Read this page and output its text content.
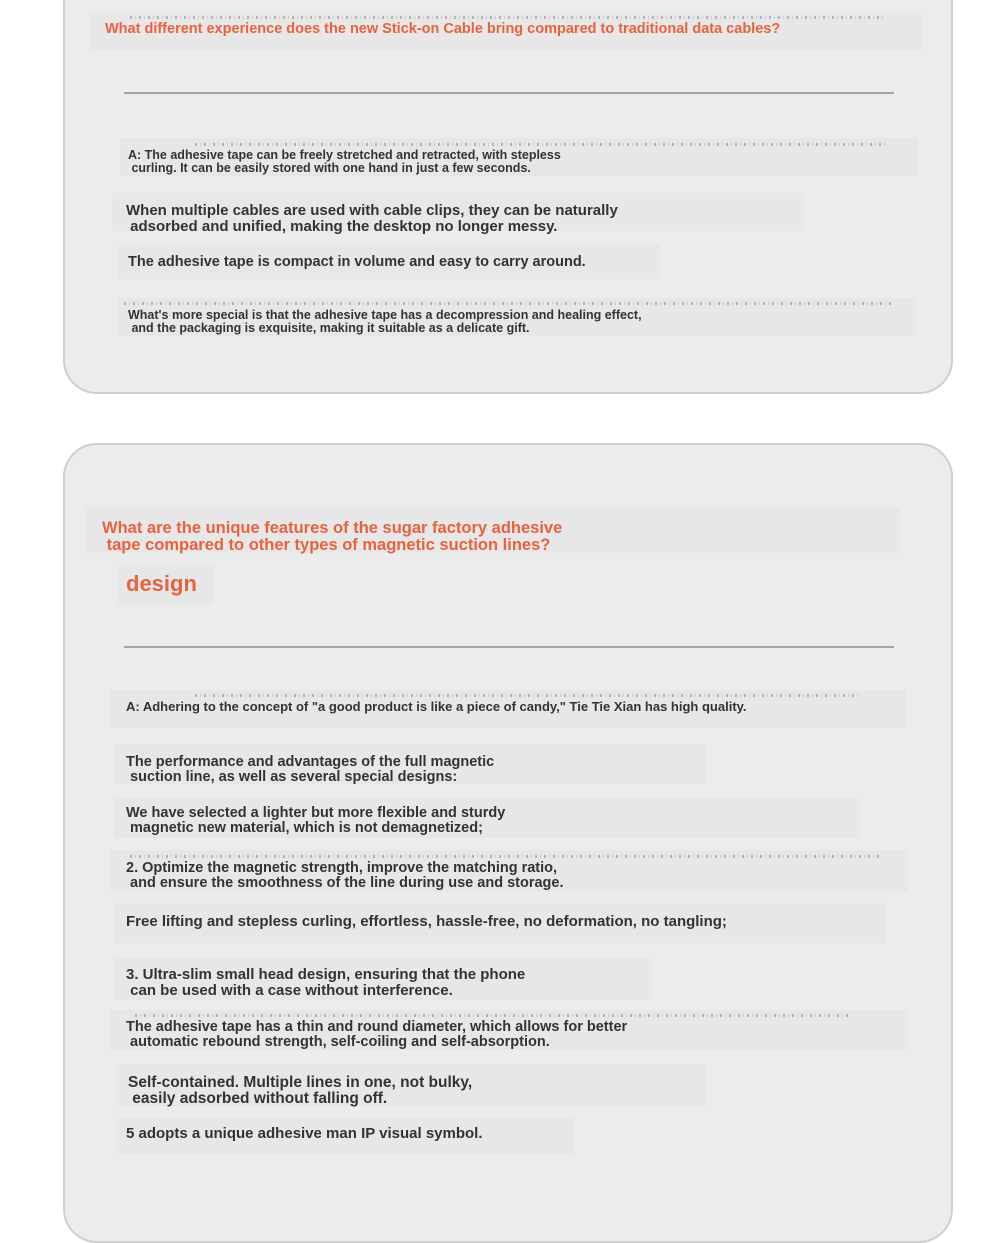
What different experience does the new Stick-on Cable bring compared to traditional data cables?
A: The adhesive tape can be freely stretched and retracted, with stepless
curling. It can be easily stored with one hand in just a few seconds.
When multiple cables are used with cable clips, they can be naturally
adsorbed and unified, making the desktop no longer messy.
The adhesive tape is compact in volume and easy to carry around.
What's more special is that the adhesive tape has a decompression and healing effect,
and the packaging is exquisite, making it suitable as a delicate gift.
What are the unique features of the sugar factory adhesive
tape compared to other types of magnetic suction lines?
design
A: Adhering to the concept of "a good product is like a piece of candy," Tie Tie Xian has high quality.
The performance and advantages of the full magnetic
suction line, as well as several special designs:
We have selected a lighter but more flexible and sturdy
magnetic new material, which is not demagnetized;
2. Optimize the magnetic strength, improve the matching ratio,
and ensure the smoothness of the line during use and storage.
Free lifting and stepless curling, effortless, hassle-free, no deformation, no tangling;
3. Ultra-slim small head design, ensuring that the phone
can be used with a case without interference.
The adhesive tape has a thin and round diameter, which allows for better
automatic rebound strength, self-coiling and self-absorption.
Self-contained. Multiple lines in one, not bulky,
easily adsorbed without falling off.
5 adopts a unique adhesive man IP visual symbol.
